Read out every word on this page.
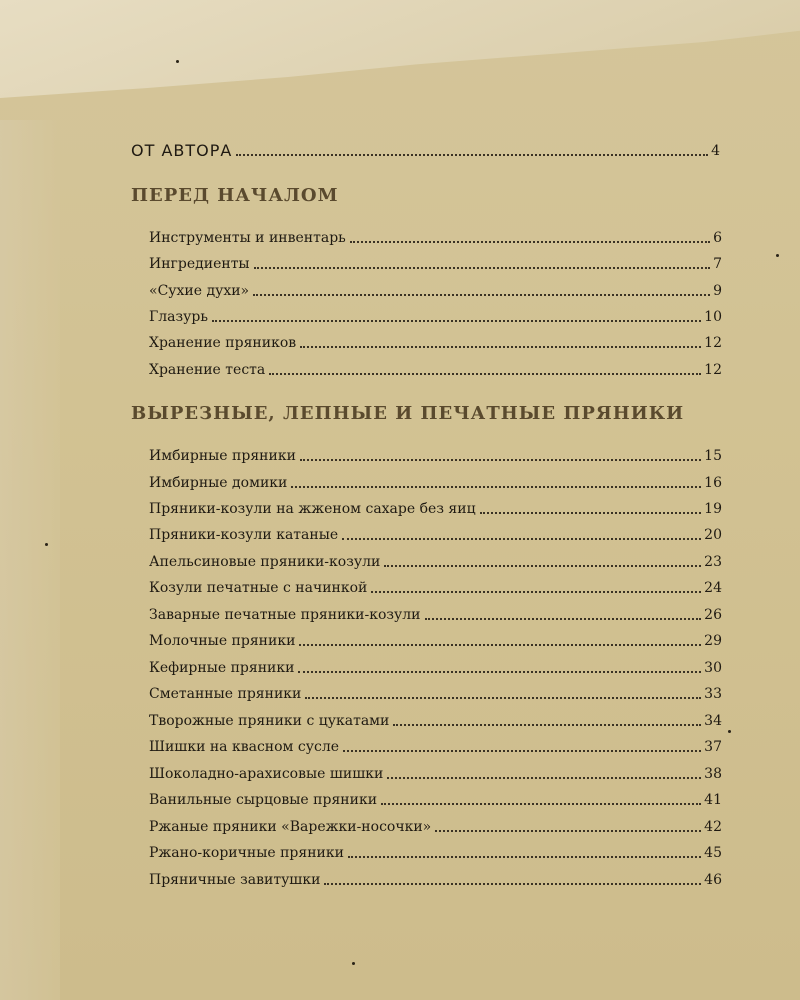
ОТ АВТОРА	4
ПЕРЕД НАЧАЛОМ
Инструменты и инвентарь	6
Ингредиенты	7
«Сухие духи»	9
Глазурь	10
Хранение пряников	12
Хранение теста	12
ВЫРЕЗНЫЕ, ЛЕПНЫЕ И ПЕЧАТНЫЕ ПРЯНИКИ
Имбирные пряники	15
Имбирные домики	16
Пряники-козули на жженом сахаре без яиц	19
Пряники-козули катаные	20
Апельсиновые пряники-козули	23
Козули печатные с начинкой	24
Заварные печатные пряники-козули	26
Молочные пряники	29
Кефирные пряники	30
Сметанные пряники	33
Творожные пряники с цукатами	34
Шишки на квасном сусле	37
Шоколадно-арахисовые шишки	38
Ванильные сырцовые пряники	41
Ржаные пряники «Варежки-носочки»	42
Ржано-коричные пряники	45
Пряничные завитушки	46
